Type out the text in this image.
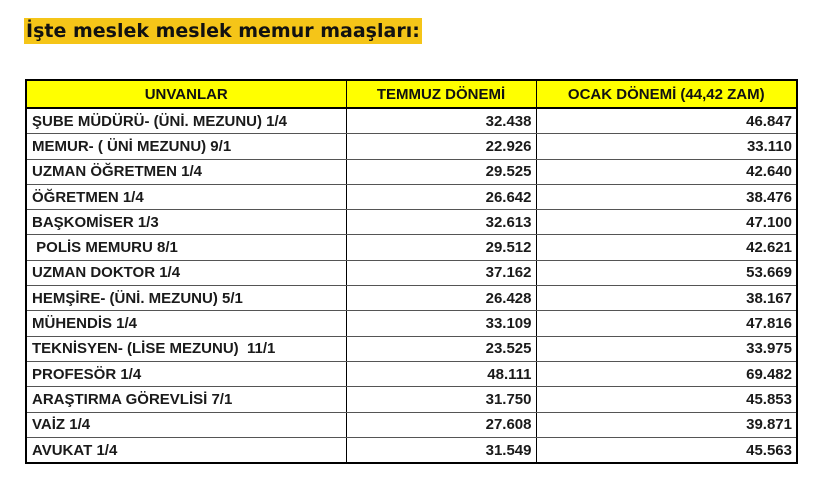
İşte meslek meslek memur maaşları:
UNVANLAR	TEMMUZ DÖNEMİ	OCAK DÖNEMİ (44,42 ZAM)
ŞUBE MÜDÜRÜ- (ÜNİ. MEZUNU) 1/4	32.438	46.847
MEMUR- ( ÜNİ MEZUNU) 9/1	22.926	33.110
UZMAN ÖĞRETMEN 1/4	29.525	42.640
ÖĞRETMEN 1/4	26.642	38.476
BAŞKOMİSER 1/3	32.613	47.100
POLİS MEMURU 8/1	29.512	42.621
UZMAN DOKTOR 1/4	37.162	53.669
HEMŞİRE- (ÜNİ. MEZUNU) 5/1	26.428	38.167
MÜHENDİS 1/4	33.109	47.816
TEKNİSYEN- (LİSE MEZUNU)  11/1	23.525	33.975
PROFESÖR 1/4	48.111	69.482
ARAŞTIRMA GÖREVLİSİ 7/1	31.750	45.853
VAİZ 1/4	27.608	39.871
AVUKAT 1/4	31.549	45.563
